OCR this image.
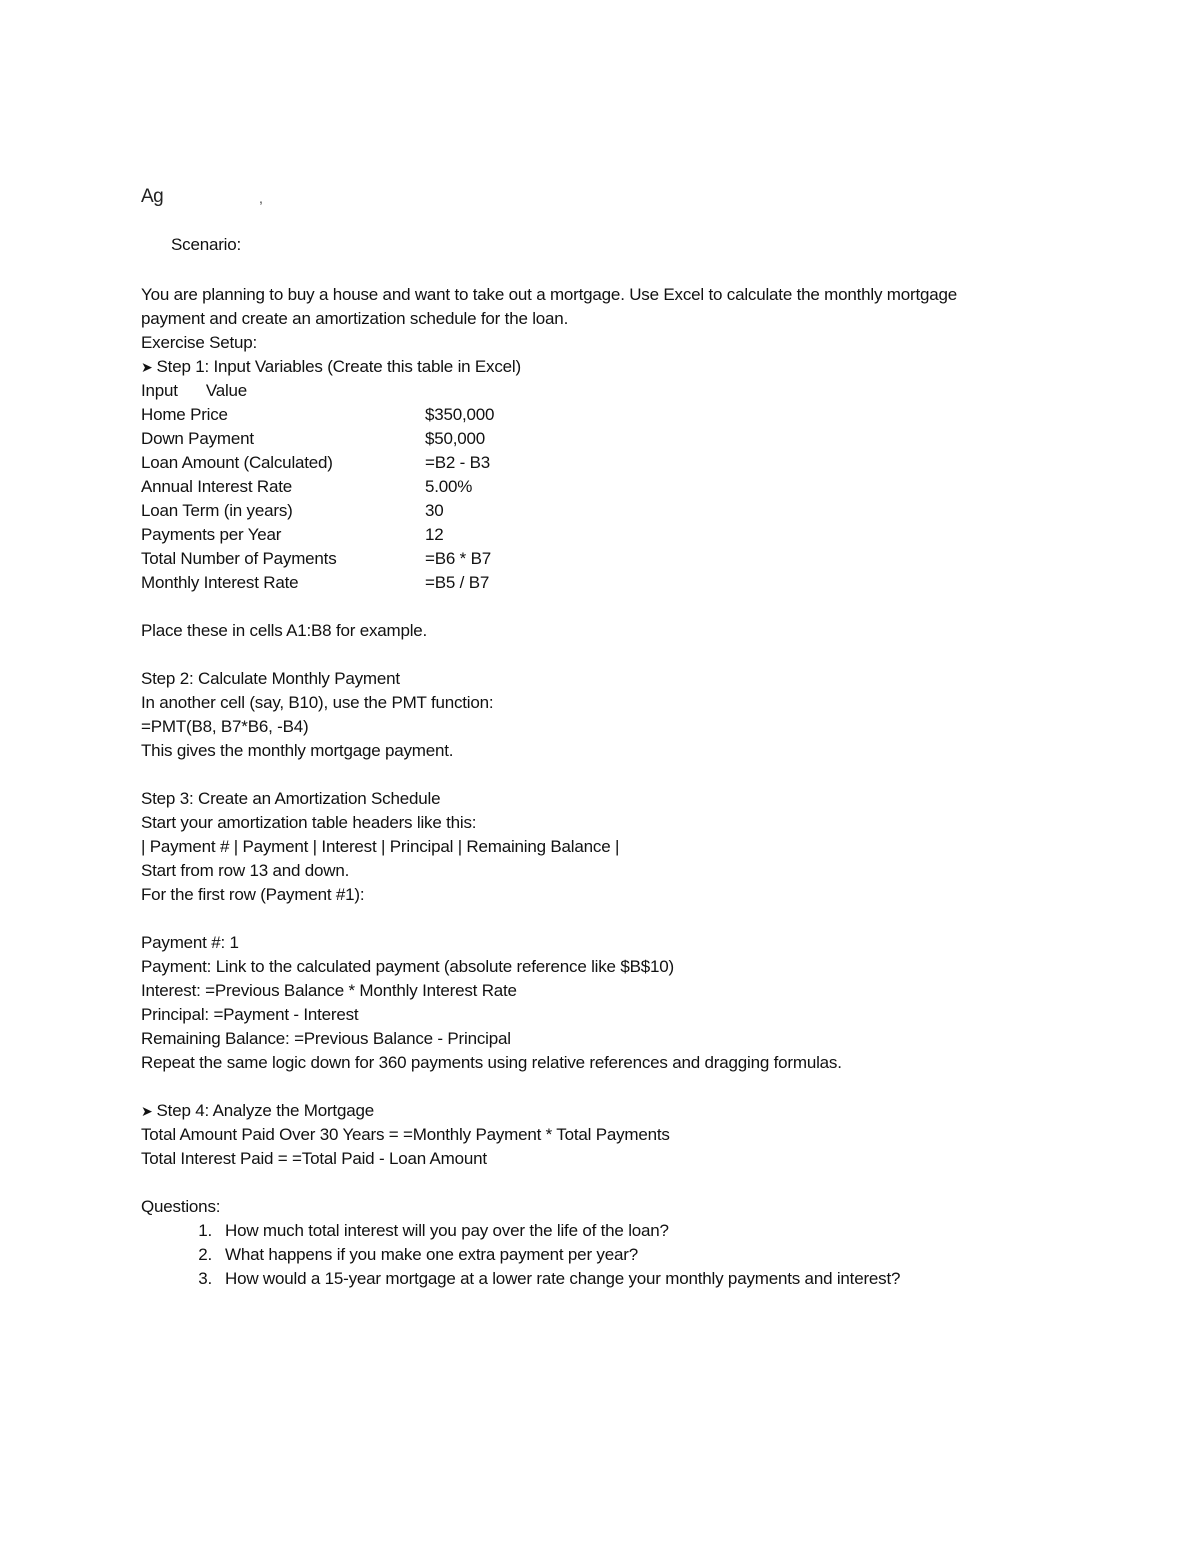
Ag	,
Scenario:
You are planning to buy a house and want to take out a mortgage. Use Excel to calculate the monthly mortgage
payment and create an amortization schedule for the loan.
Exercise Setup:
➤ Step 1: Input Variables (Create this table in Excel)
Input Value
Home Price	$350,000
Down Payment	$50,000
Loan Amount (Calculated)	=B2 - B3
Annual Interest Rate	5.00%
Loan Term (in years)	30
Payments per Year	12
Total Number of Payments	=B6 * B7
Monthly Interest Rate	=B5 / B7
Place these in cells A1:B8 for example.
Step 2: Calculate Monthly Payment
In another cell (say, B10), use the PMT function:
=PMT(B8, B7*B6, -B4)
This gives the monthly mortgage payment.
Step 3: Create an Amortization Schedule
Start your amortization table headers like this:
| Payment # | Payment | Interest | Principal | Remaining Balance |
Start from row 13 and down.
For the first row (Payment #1):
Payment #: 1
Payment: Link to the calculated payment (absolute reference like $B$10)
Interest: =Previous Balance * Monthly Interest Rate
Principal: =Payment - Interest
Remaining Balance: =Previous Balance - Principal
Repeat the same logic down for 360 payments using relative references and dragging formulas.
➤ Step 4: Analyze the Mortgage
Total Amount Paid Over 30 Years = =Monthly Payment * Total Payments
Total Interest Paid = =Total Paid - Loan Amount
Questions:
1. How much total interest will you pay over the life of the loan?
2. What happens if you make one extra payment per year?
3. How would a 15-year mortgage at a lower rate change your monthly payments and interest?
